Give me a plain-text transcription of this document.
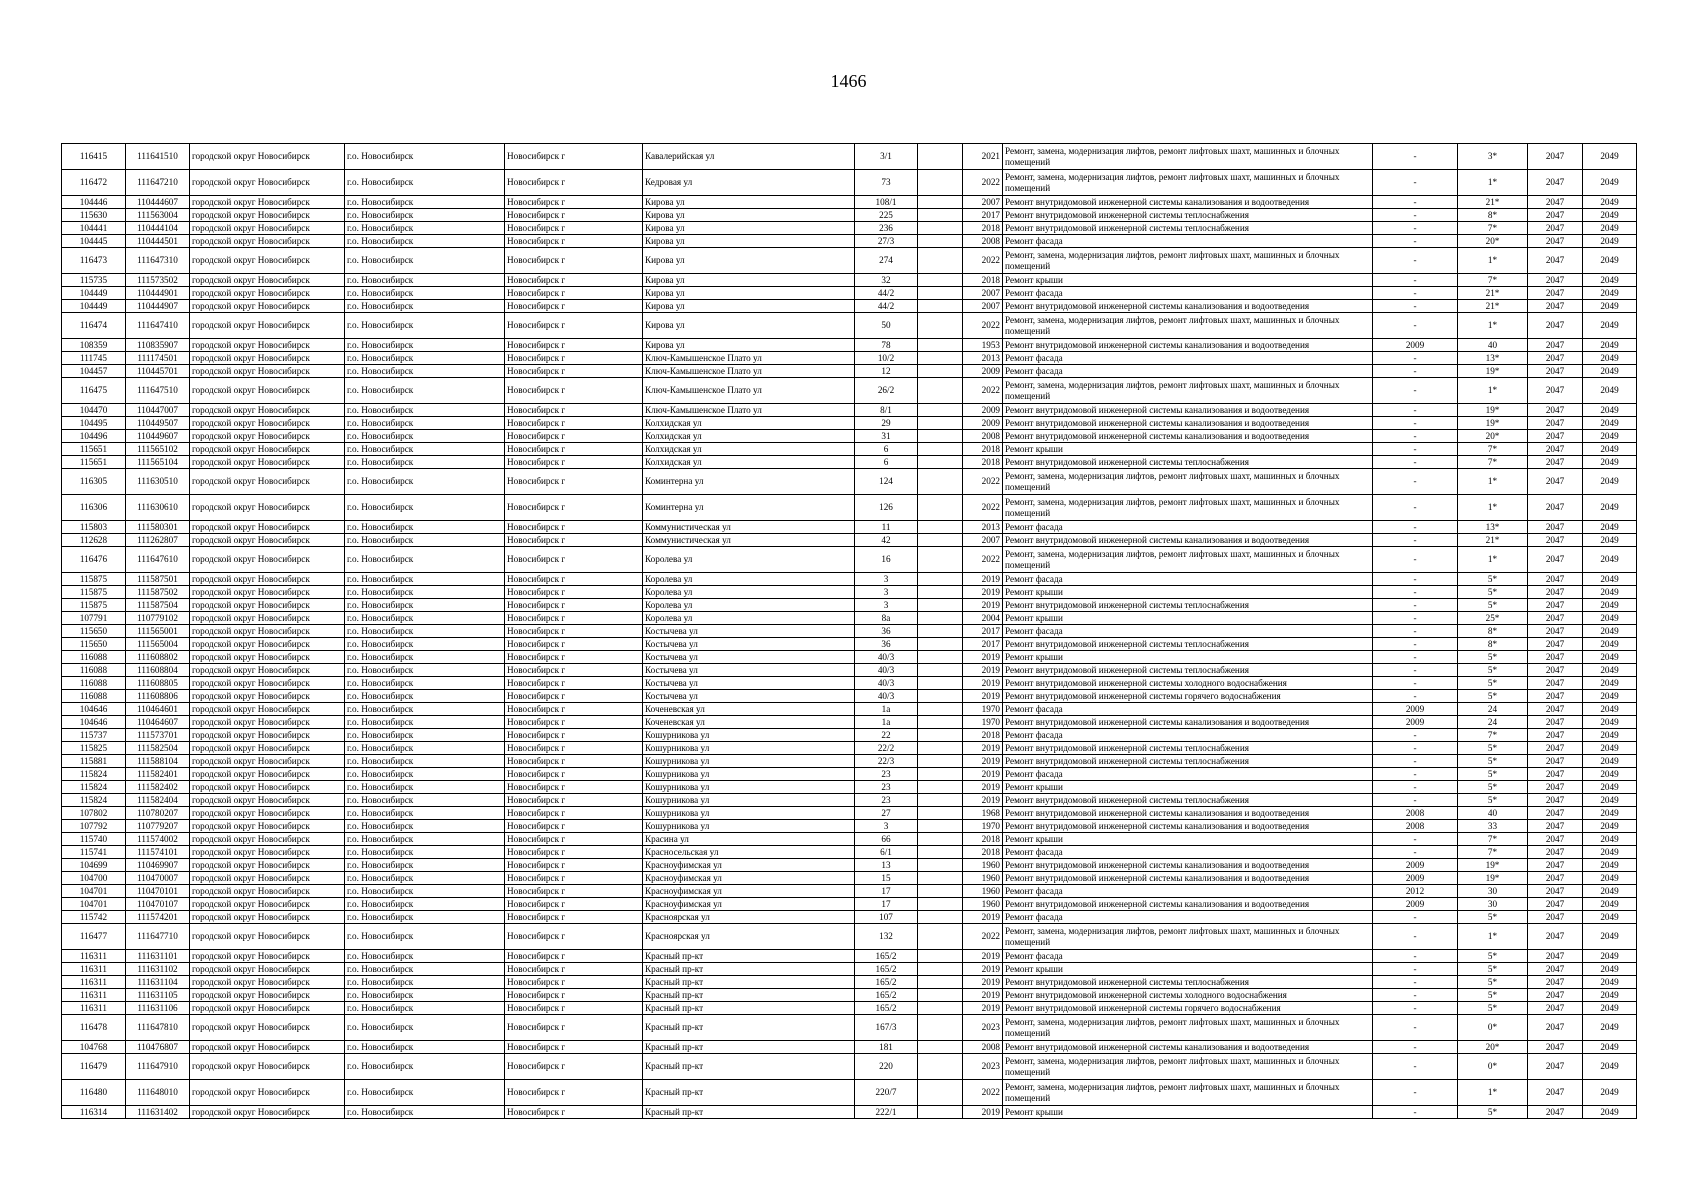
1466
116415	111641510	городской округ Новосибирск	г.о. Новосибирск	Новосибирск г	Кавалерийская ул	3/1		2021	Ремонт, замена, модернизация лифтов, ремонт лифтовых шахт, машинных и блочных помещений	-	3*	2047	2049
116472	111647210	городской округ Новосибирск	г.о. Новосибирск	Новосибирск г	Кедровая ул	73		2022	Ремонт, замена, модернизация лифтов, ремонт лифтовых шахт, машинных и блочных помещений	-	1*	2047	2049
104446	110444607	городской округ Новосибирск	г.о. Новосибирск	Новосибирск г	Кирова ул	108/1		2007	Ремонт внутридомовой инженерной системы канализования и водоотведения	-	21*	2047	2049
115630	111563004	городской округ Новосибирск	г.о. Новосибирск	Новосибирск г	Кирова ул	225		2017	Ремонт внутридомовой инженерной системы теплоснабжения	-	8*	2047	2049
104441	110444104	городской округ Новосибирск	г.о. Новосибирск	Новосибирск г	Кирова ул	236		2018	Ремонт внутридомовой инженерной системы теплоснабжения	-	7*	2047	2049
104445	110444501	городской округ Новосибирск	г.о. Новосибирск	Новосибирск г	Кирова ул	27/3		2008	Ремонт фасада	-	20*	2047	2049
116473	111647310	городской округ Новосибирск	г.о. Новосибирск	Новосибирск г	Кирова ул	274		2022	Ремонт, замена, модернизация лифтов, ремонт лифтовых шахт, машинных и блочных помещений	-	1*	2047	2049
115735	111573502	городской округ Новосибирск	г.о. Новосибирск	Новосибирск г	Кирова ул	32		2018	Ремонт крыши	-	7*	2047	2049
104449	110444901	городской округ Новосибирск	г.о. Новосибирск	Новосибирск г	Кирова ул	44/2		2007	Ремонт фасада	-	21*	2047	2049
104449	110444907	городской округ Новосибирск	г.о. Новосибирск	Новосибирск г	Кирова ул	44/2		2007	Ремонт внутридомовой инженерной системы канализования и водоотведения	-	21*	2047	2049
116474	111647410	городской округ Новосибирск	г.о. Новосибирск	Новосибирск г	Кирова ул	50		2022	Ремонт, замена, модернизация лифтов, ремонт лифтовых шахт, машинных и блочных помещений	-	1*	2047	2049
108359	110835907	городской округ Новосибирск	г.о. Новосибирск	Новосибирск г	Кирова ул	78		1953	Ремонт внутридомовой инженерной системы канализования и водоотведения	2009	40	2047	2049
111745	111174501	городской округ Новосибирск	г.о. Новосибирск	Новосибирск г	Ключ-Камышенское Плато ул	10/2		2013	Ремонт фасада	-	13*	2047	2049
104457	110445701	городской округ Новосибирск	г.о. Новосибирск	Новосибирск г	Ключ-Камышенское Плато ул	12		2009	Ремонт фасада	-	19*	2047	2049
116475	111647510	городской округ Новосибирск	г.о. Новосибирск	Новосибирск г	Ключ-Камышенское Плато ул	26/2		2022	Ремонт, замена, модернизация лифтов, ремонт лифтовых шахт, машинных и блочных помещений	-	1*	2047	2049
104470	110447007	городской округ Новосибирск	г.о. Новосибирск	Новосибирск г	Ключ-Камышенское Плато ул	8/1		2009	Ремонт внутридомовой инженерной системы канализования и водоотведения	-	19*	2047	2049
104495	110449507	городской округ Новосибирск	г.о. Новосибирск	Новосибирск г	Колхидская ул	29		2009	Ремонт внутридомовой инженерной системы канализования и водоотведения	-	19*	2047	2049
104496	110449607	городской округ Новосибирск	г.о. Новосибирск	Новосибирск г	Колхидская ул	31		2008	Ремонт внутридомовой инженерной системы канализования и водоотведения	-	20*	2047	2049
115651	111565102	городской округ Новосибирск	г.о. Новосибирск	Новосибирск г	Колхидская ул	6		2018	Ремонт крыши	-	7*	2047	2049
115651	111565104	городской округ Новосибирск	г.о. Новосибирск	Новосибирск г	Колхидская ул	6		2018	Ремонт внутридомовой инженерной системы теплоснабжения	-	7*	2047	2049
116305	111630510	городской округ Новосибирск	г.о. Новосибирск	Новосибирск г	Коминтерна ул	124		2022	Ремонт, замена, модернизация лифтов, ремонт лифтовых шахт, машинных и блочных помещений	-	1*	2047	2049
116306	111630610	городской округ Новосибирск	г.о. Новосибирск	Новосибирск г	Коминтерна ул	126		2022	Ремонт, замена, модернизация лифтов, ремонт лифтовых шахт, машинных и блочных помещений	-	1*	2047	2049
115803	111580301	городской округ Новосибирск	г.о. Новосибирск	Новосибирск г	Коммунистическая ул	11		2013	Ремонт фасада	-	13*	2047	2049
112628	111262807	городской округ Новосибирск	г.о. Новосибирск	Новосибирск г	Коммунистическая ул	42		2007	Ремонт внутридомовой инженерной системы канализования и водоотведения	-	21*	2047	2049
116476	111647610	городской округ Новосибирск	г.о. Новосибирск	Новосибирск г	Королева ул	16		2022	Ремонт, замена, модернизация лифтов, ремонт лифтовых шахт, машинных и блочных помещений	-	1*	2047	2049
115875	111587501	городской округ Новосибирск	г.о. Новосибирск	Новосибирск г	Королева ул	3		2019	Ремонт фасада	-	5*	2047	2049
115875	111587502	городской округ Новосибирск	г.о. Новосибирск	Новосибирск г	Королева ул	3		2019	Ремонт крыши	-	5*	2047	2049
115875	111587504	городской округ Новосибирск	г.о. Новосибирск	Новосибирск г	Королева ул	3		2019	Ремонт внутридомовой инженерной системы теплоснабжения	-	5*	2047	2049
107791	110779102	городской округ Новосибирск	г.о. Новосибирск	Новосибирск г	Королева ул	8а		2004	Ремонт крыши	-	25*	2047	2049
115650	111565001	городской округ Новосибирск	г.о. Новосибирск	Новосибирск г	Костычева ул	36		2017	Ремонт фасада	-	8*	2047	2049
115650	111565004	городской округ Новосибирск	г.о. Новосибирск	Новосибирск г	Костычева ул	36		2017	Ремонт внутридомовой инженерной системы теплоснабжения	-	8*	2047	2049
116088	111608802	городской округ Новосибирск	г.о. Новосибирск	Новосибирск г	Костычева ул	40/3		2019	Ремонт крыши	-	5*	2047	2049
116088	111608804	городской округ Новосибирск	г.о. Новосибирск	Новосибирск г	Костычева ул	40/3		2019	Ремонт внутридомовой инженерной системы теплоснабжения	-	5*	2047	2049
116088	111608805	городской округ Новосибирск	г.о. Новосибирск	Новосибирск г	Костычева ул	40/3		2019	Ремонт внутридомовой инженерной системы холодного водоснабжения	-	5*	2047	2049
116088	111608806	городской округ Новосибирск	г.о. Новосибирск	Новосибирск г	Костычева ул	40/3		2019	Ремонт внутридомовой инженерной системы горячего водоснабжения	-	5*	2047	2049
104646	110464601	городской округ Новосибирск	г.о. Новосибирск	Новосибирск г	Коченевская ул	1а		1970	Ремонт фасада	2009	24	2047	2049
104646	110464607	городской округ Новосибирск	г.о. Новосибирск	Новосибирск г	Коченевская ул	1а		1970	Ремонт внутридомовой инженерной системы канализования и водоотведения	2009	24	2047	2049
115737	111573701	городской округ Новосибирск	г.о. Новосибирск	Новосибирск г	Кошурникова ул	22		2018	Ремонт фасада	-	7*	2047	2049
115825	111582504	городской округ Новосибирск	г.о. Новосибирск	Новосибирск г	Кошурникова ул	22/2		2019	Ремонт внутридомовой инженерной системы теплоснабжения	-	5*	2047	2049
115881	111588104	городской округ Новосибирск	г.о. Новосибирск	Новосибирск г	Кошурникова ул	22/3		2019	Ремонт внутридомовой инженерной системы теплоснабжения	-	5*	2047	2049
115824	111582401	городской округ Новосибирск	г.о. Новосибирск	Новосибирск г	Кошурникова ул	23		2019	Ремонт фасада	-	5*	2047	2049
115824	111582402	городской округ Новосибирск	г.о. Новосибирск	Новосибирск г	Кошурникова ул	23		2019	Ремонт крыши	-	5*	2047	2049
115824	111582404	городской округ Новосибирск	г.о. Новосибирск	Новосибирск г	Кошурникова ул	23		2019	Ремонт внутридомовой инженерной системы теплоснабжения	-	5*	2047	2049
107802	110780207	городской округ Новосибирск	г.о. Новосибирск	Новосибирск г	Кошурникова ул	27		1968	Ремонт внутридомовой инженерной системы канализования и водоотведения	2008	40	2047	2049
107792	110779207	городской округ Новосибирск	г.о. Новосибирск	Новосибирск г	Кошурникова ул	3		1970	Ремонт внутридомовой инженерной системы канализования и водоотведения	2008	33	2047	2049
115740	111574002	городской округ Новосибирск	г.о. Новосибирск	Новосибирск г	Красина ул	66		2018	Ремонт крыши	-	7*	2047	2049
115741	111574101	городской округ Новосибирск	г.о. Новосибирск	Новосибирск г	Красносельская ул	6/1		2018	Ремонт фасада	-	7*	2047	2049
104699	110469907	городской округ Новосибирск	г.о. Новосибирск	Новосибирск г	Красноуфимская ул	13		1960	Ремонт внутридомовой инженерной системы канализования и водоотведения	2009	19*	2047	2049
104700	110470007	городской округ Новосибирск	г.о. Новосибирск	Новосибирск г	Красноуфимская ул	15		1960	Ремонт внутридомовой инженерной системы канализования и водоотведения	2009	19*	2047	2049
104701	110470101	городской округ Новосибирск	г.о. Новосибирск	Новосибирск г	Красноуфимская ул	17		1960	Ремонт фасада	2012	30	2047	2049
104701	110470107	городской округ Новосибирск	г.о. Новосибирск	Новосибирск г	Красноуфимская ул	17		1960	Ремонт внутридомовой инженерной системы канализования и водоотведения	2009	30	2047	2049
115742	111574201	городской округ Новосибирск	г.о. Новосибирск	Новосибирск г	Красноярская ул	107		2019	Ремонт фасада	-	5*	2047	2049
116477	111647710	городской округ Новосибирск	г.о. Новосибирск	Новосибирск г	Красноярская ул	132		2022	Ремонт, замена, модернизация лифтов, ремонт лифтовых шахт, машинных и блочных помещений	-	1*	2047	2049
116311	111631101	городской округ Новосибирск	г.о. Новосибирск	Новосибирск г	Красный пр-кт	165/2		2019	Ремонт фасада	-	5*	2047	2049
116311	111631102	городской округ Новосибирск	г.о. Новосибирск	Новосибирск г	Красный пр-кт	165/2		2019	Ремонт крыши	-	5*	2047	2049
116311	111631104	городской округ Новосибирск	г.о. Новосибирск	Новосибирск г	Красный пр-кт	165/2		2019	Ремонт внутридомовой инженерной системы теплоснабжения	-	5*	2047	2049
116311	111631105	городской округ Новосибирск	г.о. Новосибирск	Новосибирск г	Красный пр-кт	165/2		2019	Ремонт внутридомовой инженерной системы холодного водоснабжения	-	5*	2047	2049
116311	111631106	городской округ Новосибирск	г.о. Новосибирск	Новосибирск г	Красный пр-кт	165/2		2019	Ремонт внутридомовой инженерной системы горячего водоснабжения	-	5*	2047	2049
116478	111647810	городской округ Новосибирск	г.о. Новосибирск	Новосибирск г	Красный пр-кт	167/3		2023	Ремонт, замена, модернизация лифтов, ремонт лифтовых шахт, машинных и блочных помещений	-	0*	2047	2049
104768	110476807	городской округ Новосибирск	г.о. Новосибирск	Новосибирск г	Красный пр-кт	181		2008	Ремонт внутридомовой инженерной системы канализования и водоотведения	-	20*	2047	2049
116479	111647910	городской округ Новосибирск	г.о. Новосибирск	Новосибирск г	Красный пр-кт	220		2023	Ремонт, замена, модернизация лифтов, ремонт лифтовых шахт, машинных и блочных помещений	-	0*	2047	2049
116480	111648010	городской округ Новосибирск	г.о. Новосибирск	Новосибирск г	Красный пр-кт	220/7		2022	Ремонт, замена, модернизация лифтов, ремонт лифтовых шахт, машинных и блочных помещений	-	1*	2047	2049
116314	111631402	городской округ Новосибирск	г.о. Новосибирск	Новосибирск г	Красный пр-кт	222/1		2019	Ремонт крыши	-	5*	2047	2049
